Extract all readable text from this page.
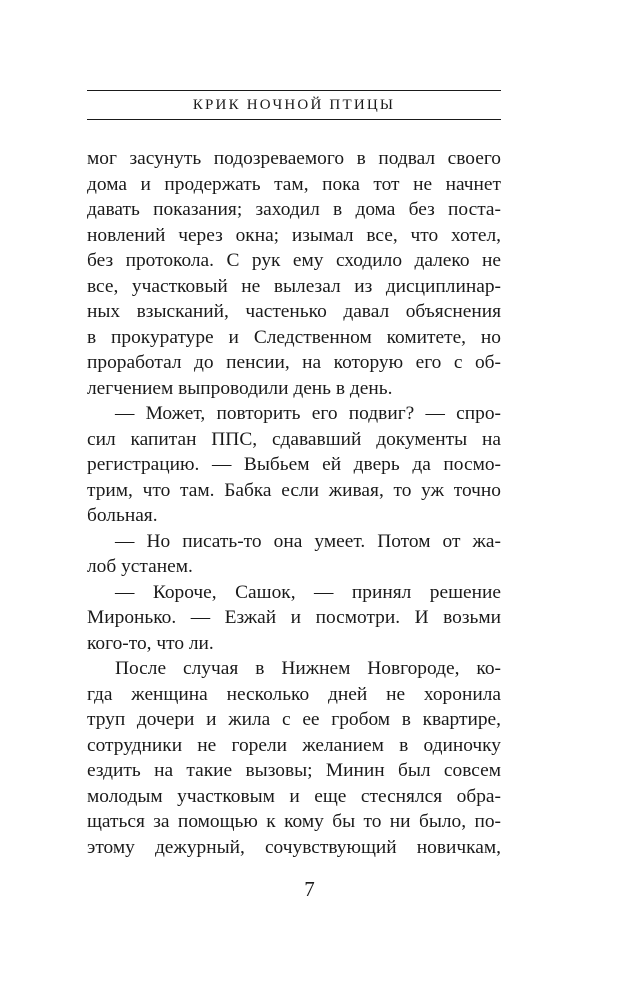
КРИК НОЧНОЙ ПТИЦЫ
мог засунуть подозреваемого в подвал своего
дома и продержать там, пока тот не начнет
давать показания; заходил в дома без поста-
новлений через окна; изымал все, что хотел,
без протокола. С рук ему сходило далеко не
все, участковый не вылезал из дисциплинар-
ных взысканий, частенько давал объяснения
в прокуратуре и Следственном комитете, но
проработал до пенсии, на которую его с об-
легчением выпроводили день в день.
— Может, повторить его подвиг? — спро-
сил капитан ППС, сдававший документы на
регистрацию. — Выбьем ей дверь да посмо-
трим, что там. Бабка если живая, то уж точно
больная.
— Но писать-то она умеет. Потом от жа-
лоб устанем.
— Короче, Сашок, — принял решение
Миронько. — Езжай и посмотри. И возьми
кого-то, что ли.
После случая в Нижнем Новгороде, ко-
гда женщина несколько дней не хоронила
труп дочери и жила с ее гробом в квартире,
сотрудники не горели желанием в одиночку
ездить на такие вызовы; Минин был совсем
молодым участковым и еще стеснялся обра-
щаться за помощью к кому бы то ни было, по-
этому дежурный, сочувствующий новичкам,
7
